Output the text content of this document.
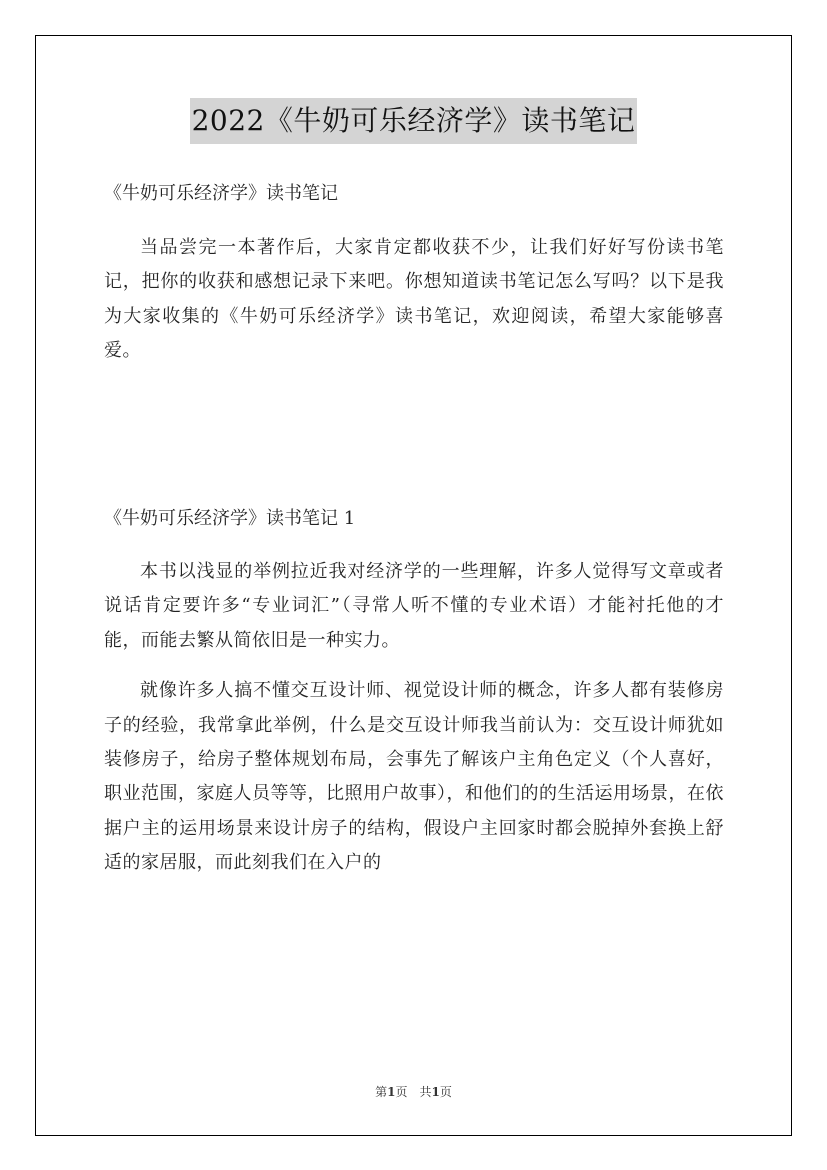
2022《牛奶可乐经济学》读书笔记
《牛奶可乐经济学》读书笔记

当品尝完一本著作后，大家肯定都收获不少，让我们好好写份读书笔记，把你的收获和感想记录下来吧。你想知道读书笔记怎么写吗？以下是我为大家收集的《牛奶可乐经济学》读书笔记，欢迎阅读，希望大家能够喜爱。

《牛奶可乐经济学》读书笔记 1

本书以浅显的举例拉近我对经济学的一些理解，许多人觉得写文章或者说话肯定要许多“专业词汇”（寻常人听不懂的专业术语）才能衬托他的才能，而能去繁从简依旧是一种实力。

就像许多人搞不懂交互设计师、视觉设计师的概念，许多人都有装修房子的经验，我常拿此举例，什么是交互设计师我当前认为：交互设计师犹如装修房子，给房子整体规划布局，会事先了解该户主角色定义（个人喜好，职业范围，家庭人员等等，比照用户故事），和他们的的生活运用场景，在依据户主的运用场景来设计房子的结构，假设户主回家时都会脱掉外套换上舒适的家居服，而此刻我们在入户的

第1页　共1页
